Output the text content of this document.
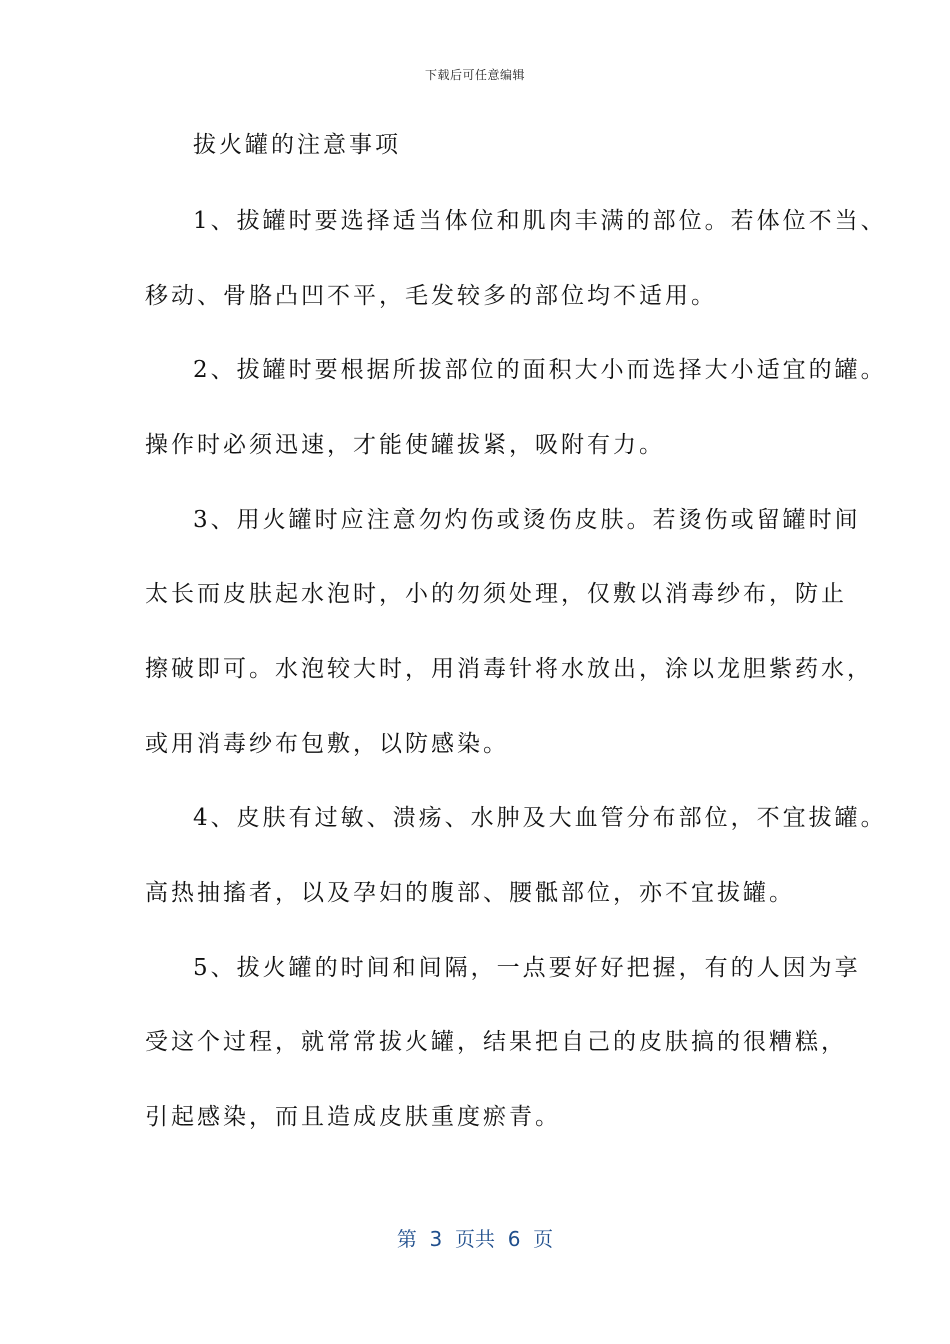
下载后可任意编辑
拔火罐的注意事项
1、拔罐时要选择适当体位和肌肉丰满的部位。若体位不当、
移动、骨胳凸凹不平，毛发较多的部位均不适用。
2、拔罐时要根据所拔部位的面积大小而选择大小适宜的罐。
操作时必须迅速，才能使罐拔紧，吸附有力。
3、用火罐时应注意勿灼伤或烫伤皮肤。若烫伤或留罐时间
太长而皮肤起水泡时，小的勿须处理，仅敷以消毒纱布，防止
擦破即可。水泡较大时，用消毒针将水放出，涂以龙胆紫药水，
或用消毒纱布包敷，以防感染。
4、皮肤有过敏、溃疡、水肿及大血管分布部位，不宜拔罐。
高热抽搐者，以及孕妇的腹部、腰骶部位，亦不宜拔罐。
5、拔火罐的时间和间隔，一点要好好把握，有的人因为享
受这个过程，就常常拔火罐，结果把自己的皮肤搞的很糟糕，
引起感染，而且造成皮肤重度瘀青。
第  3  页共  6  页
